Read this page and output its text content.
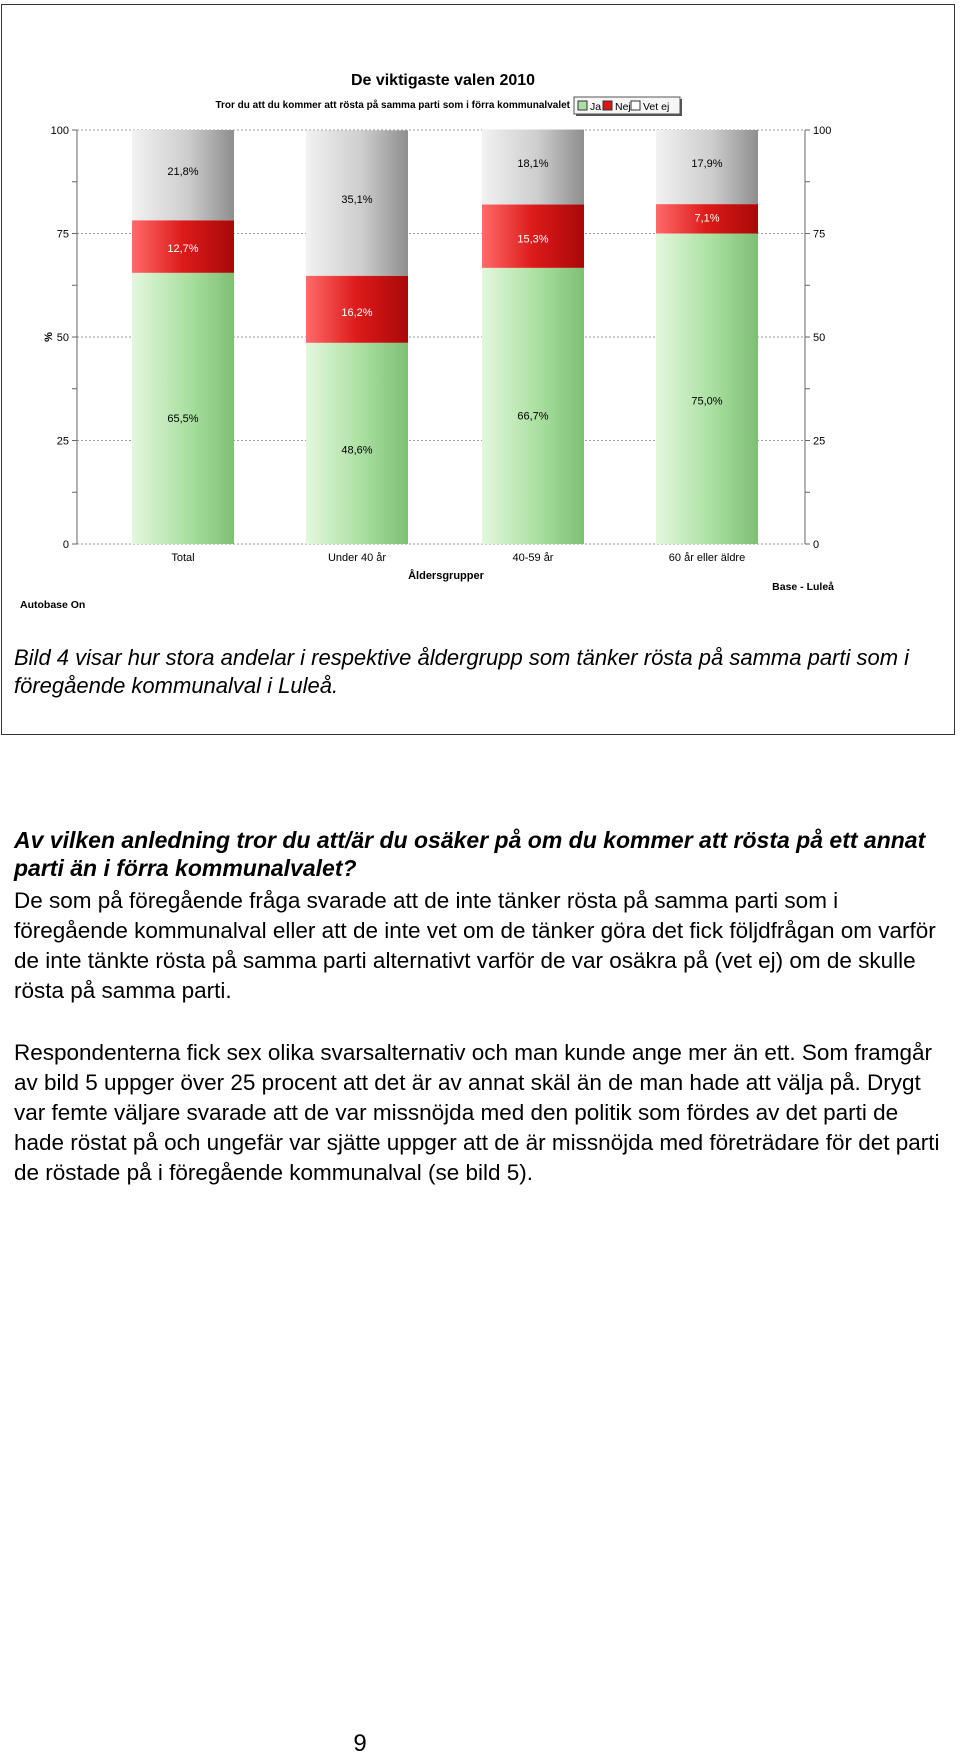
65,5%
12,7%
21,8%
48,6%
16,2%
35,1%
66,7%
15,3%
18,1%
75,0%
7,1%
17,9%
0	0
25	25
50	50
75	75
100	100
Total	Under 40 år	40-59 år	60 år eller äldre
De viktigaste valen 2010
Tror du att du kommer att rösta på samma parti som i förra kommunalvalet
Åldersgrupper
%
Autobase On
Base - Luleå
Ja Nej Vet ej
Bild 4 visar hur stora andelar i respektive åldergrupp som tänker rösta på samma parti som i föregående kommunalval i Luleå.
Av vilken anledning tror du att/är du osäker på om du kommer att rösta på ett annat parti än i förra kommunalvalet?
De som på föregående fråga svarade att de inte tänker rösta på samma parti som i föregående kommunalval eller att de inte vet om de tänker göra det fick följdfrågan om varför de inte tänkte rösta på samma parti alternativt varför de var osäkra på (vet ej) om de skulle rösta på samma parti.
Respondenterna fick sex olika svarsalternativ och man kunde ange mer än ett. Som framgår av bild 5 uppger över 25 procent att det är av annat skäl än de man hade att välja på. Drygt var femte väljare svarade att de var missnöjda med den politik som fördes av det parti de hade röstat på och ungefär var sjätte uppger att de är missnöjda med företrädare för det parti de röstade på i föregående kommunalval (se bild 5).
9
